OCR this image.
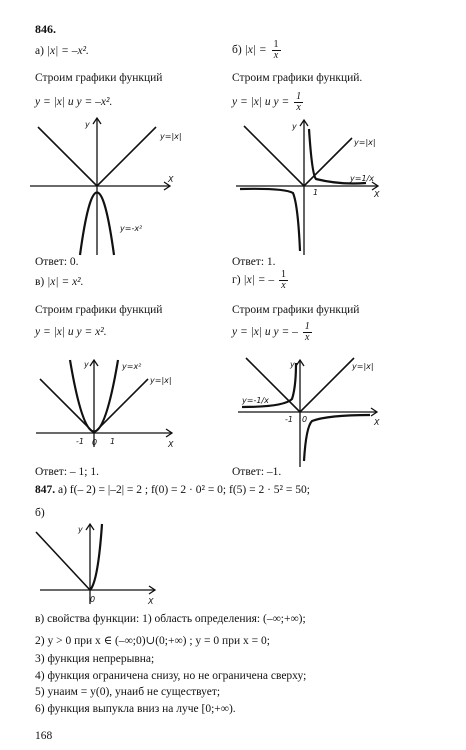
846.
а) |x| = –x².
Строим графики функций
y = |x| и y = –x².
б) $|x| = \frac{1}{x}$
Строим графики функций.
y = |x| и $y = \frac{1}{x}$
y=|x|
y=-x²
y
X
y=|x|
y=1/x
y
X
1
Ответ: 0.	Ответ: 1.
в) |x| = x².
Строим графики функций
y = |x| и y = x².
г) |x| = – $\frac{1}{x}$
Строим графики функций
y = |x| и y = – $\frac{1}{x}$
y=x²
y=|x|
y
X
-1 0 1
y=-1/x
y=|x|
y
X
-1 0
Ответ: – 1; 1.	Ответ: –1.
847. а) f(– 2) = |–2| = 2 ; f(0) = 2 · 0² = 0; f(5) = 2 · 5² = 50;
б)
y
X
0
в) свойства функции: 1) область определения: (–∞;+∞);
2) y > 0 при x ∈ (–∞;0)∪(0;+∞) ; y = 0 при x = 0;
3) функция непрерывна;
4) функция ограничена снизу, но не ограничена сверху;
5) yнаим = y(0), yнаиб не существует;
6) функция выпукла вниз на луче [0;+∞).
168
